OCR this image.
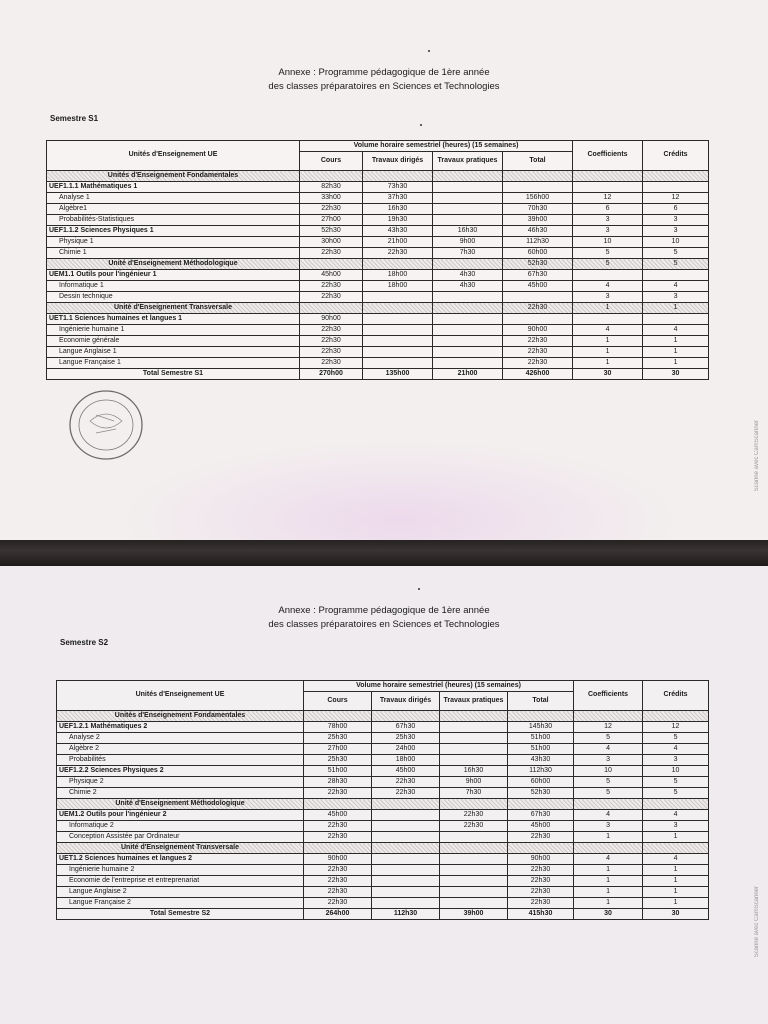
Annexe : Programme pédagogique de 1ère année
des classes préparatoires en Sciences et Technologies
Semestre S1
Scanné avec CamScanner
Unités d'Enseignement UE	Volume horaire semestriel (heures) (15 semaines)				Coefficients	Crédits
	Cours	Travaux dirigés	Travaux pratiques	Total		
Unités d'Enseignement Fondamentales						
UEF1.1.1 Mathématiques 1	82h30	73h30				
Analyse 1	33h00	37h30		156h00	12	12
Algèbre1	22h30	16h30		70h30	6	6
Probabilités-Statistiques	27h00	19h30		39h00	3	3
UEF1.1.2 Sciences Physiques 1	52h30	43h30	16h30	46h30	3	3
Physique 1	30h00	21h00	9h00	112h30	10	10
Chimie 1	22h30	22h30	7h30	60h00	5	5
Unité d'Enseignement Méthodologique				52h30	5	5
UEM1.1 Outils pour l'ingénieur 1	45h00	18h00	4h30	67h30		
Informatique 1	22h30	18h00	4h30	45h00	4	4
Dessin technique	22h30				3	3
Unité d'Enseignement Transversale				22h30	1	1
UET1.1 Sciences humaines et langues 1	90h00					
Ingénierie humaine 1	22h30			90h00	4	4
Economie générale	22h30			22h30	1	1
Langue Anglaise 1	22h30			22h30	1	1
Langue Française 1	22h30			22h30	1	1
Total Semestre S1	270h00	135h00	21h00	426h00	30	30
Annexe : Programme pédagogique de 1ère année
des classes préparatoires en Sciences et Technologies
Semestre S2
Scanné avec CamScanner
Unités d'Enseignement UE	Volume horaire semestriel (heures) (15 semaines)				Coefficients	Crédits
	Cours	Travaux dirigés	Travaux pratiques	Total		
Unités d'Enseignement Fondamentales						
UEF1.2.1 Mathématiques 2	78h00	67h30		145h30	12	12
Analyse 2	25h30	25h30		51h00	5	5
Algèbre 2	27h00	24h00		51h00	4	4
Probabilités	25h30	18h00		43h30	3	3
UEF1.2.2 Sciences Physiques 2	51h00	45h00	16h30	112h30	10	10
Physique 2	28h30	22h30	9h00	60h00	5	5
Chimie 2	22h30	22h30	7h30	52h30	5	5
Unité d'Enseignement Méthodologique						
UEM1.2 Outils pour l'ingénieur 2	45h00		22h30	67h30	4	4
Informatique 2	22h30		22h30	45h00	3	3
Conception Assistée par Ordinateur	22h30			22h30	1	1
Unité d'Enseignement Transversale						
UET1.2 Sciences humaines et langues 2	90h00			90h00	4	4
Ingénierie humaine 2	22h30			22h30	1	1
Economie de l'entreprise et entreprenariat	22h30			22h30	1	1
Langue Anglaise 2	22h30			22h30	1	1
Langue Française 2	22h30			22h30	1	1
Total Semestre S2	264h00	112h30	39h00	415h30	30	30
